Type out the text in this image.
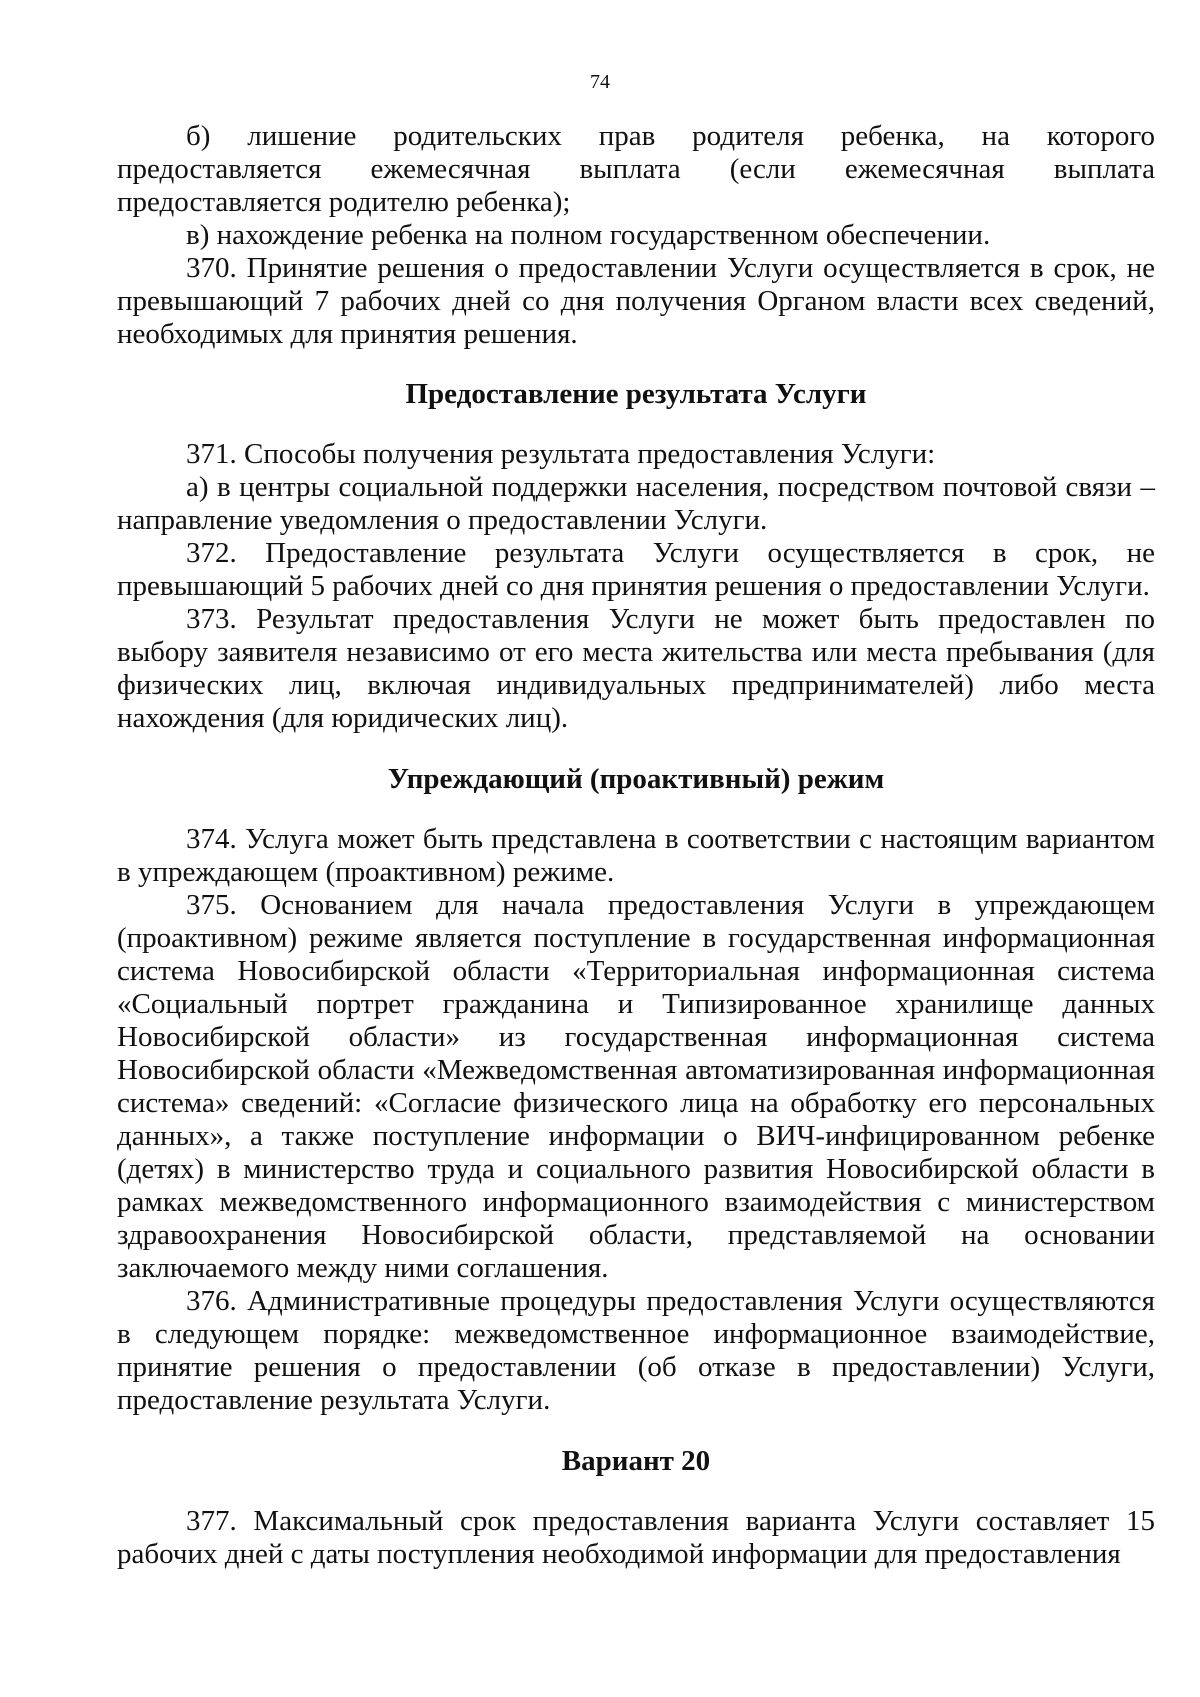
74

б) лишение родительских прав родителя ребенка, на которого предоставляется ежемесячная выплата (если ежемесячная выплата предоставляется родителю ребенка);

в) нахождение ребенка на полном государственном обеспечении.

370. Принятие решения о предоставлении Услуги осуществляется в срок, не превышающий 7 рабочих дней со дня получения Органом власти всех сведений, необходимых для принятия решения.

Предоставление результата Услуги

371. Способы получения результата предоставления Услуги:

а) в центры социальной поддержки населения, посредством почтовой связи – направление уведомления о предоставлении Услуги.

372. Предоставление результата Услуги осуществляется в срок, не превышающий 5 рабочих дней со дня принятия решения о предоставлении Услуги.

373. Результат предоставления Услуги не может быть предоставлен по выбору заявителя независимо от его места жительства или места пребывания (для физических лиц, включая индивидуальных предпринимателей) либо места нахождения (для юридических лиц).

Упреждающий (проактивный) режим

374. Услуга может быть представлена в соответствии с настоящим вариантом в упреждающем (проактивном) режиме.

375. Основанием для начала предоставления Услуги в упреждающем (проактивном) режиме является поступление в государственная информационная система Новосибирской области «Территориальная информационная система «Социальный портрет гражданина и Типизированное хранилище данных Новосибирской области» из государственная информационная система Новосибирской области «Межведомственная автоматизированная информационная система» сведений: «Согласие физического лица на обработку его персональных данных», а также поступление информации о ВИЧ-инфицированном ребенке (детях) в министерство труда и социального развития Новосибирской области в рамках межведомственного информационного взаимодействия с министерством здравоохранения Новосибирской области, представляемой на основании заключаемого между ними соглашения.

376. Административные процедуры предоставления Услуги осуществляются в следующем порядке: межведомственное информационное взаимодействие, принятие решения о предоставлении (об отказе в предоставлении) Услуги, предоставление результата Услуги.

Вариант 20

377. Максимальный срок предоставления варианта Услуги составляет 15 рабочих дней с даты поступления необходимой информации для предоставления
